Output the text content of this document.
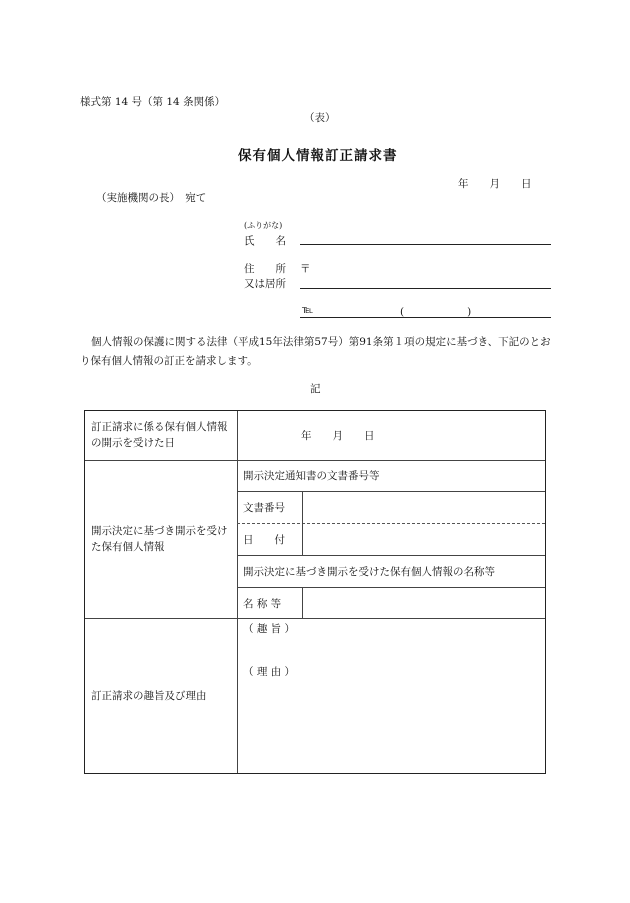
様式第 14 号（第 14 条関係）
（表）
保有個人情報訂正請求書
年　　月　　日
（実施機関の長）　宛て
(ふりがな)
氏　　名
住　　所 〒
又は居所
℡	(　　　　　　)
個人情報の保護に関する法律（平成15年法律第57号）第91条第１項の規定に基づき、下記のとおり保有個人情報の訂正を請求します。
記
訂正請求に係る保有個人情報の開示を受けた日
年　　月　　日
開示決定に基づき開示を受けた保有個人情報
開示決定通知書の文書番号等
文書番号
日　　付
開示決定に基づき開示を受けた保有個人情報の名称等
名 称 等
訂正請求の趣旨及び理由
（ 趣 旨 ）
（ 理 由 ）
